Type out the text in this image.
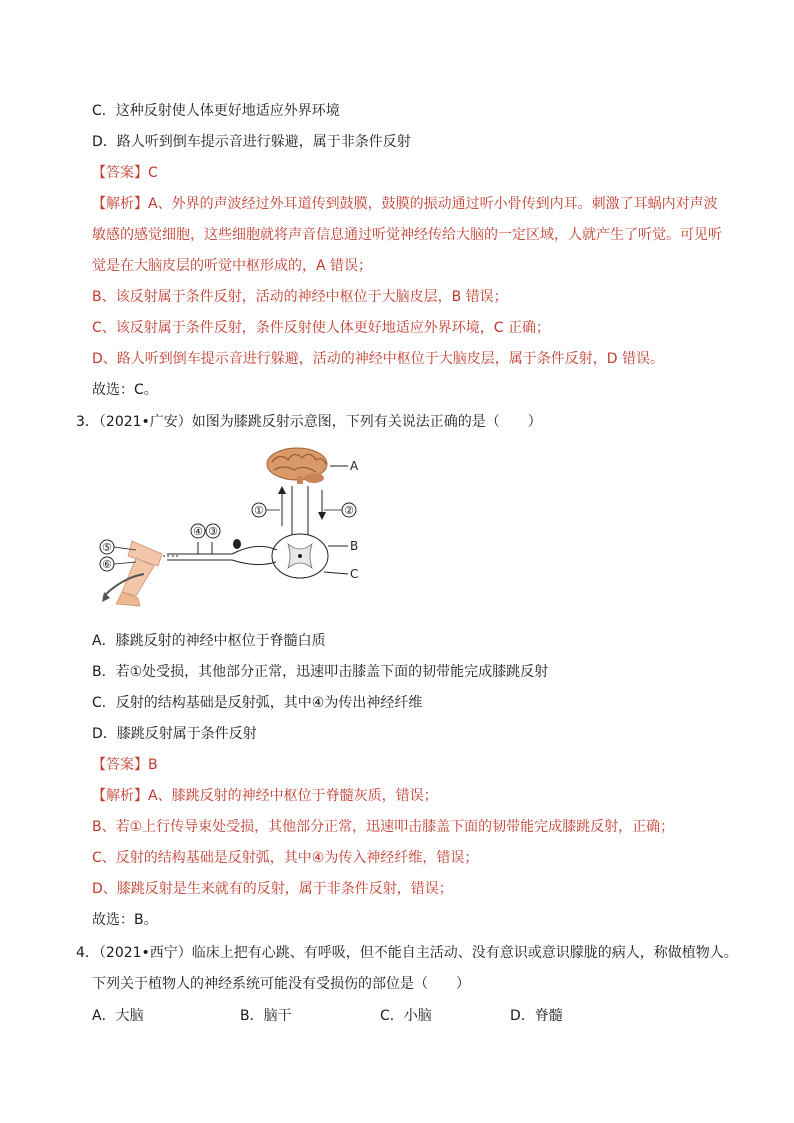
C．这种反射使人体更好地适应外界环境
D．路人听到倒车提示音进行躲避，属于非条件反射
【答案】C
【解析】A、外界的声波经过外耳道传到鼓膜，鼓膜的振动通过听小骨传到内耳。刺激了耳蜗内对声波
敏感的感觉细胞，这些细胞就将声音信息通过听觉神经传给大脑的一定区域，人就产生了听觉。可见听
觉是在大脑皮层的听觉中枢形成的，A 错误；
B、该反射属于条件反射，活动的神经中枢位于大脑皮层，B 错误；
C、该反射属于条件反射，条件反射使人体更好地适应外界环境，C 正确；
D、路人听到倒车提示音进行躲避，活动的神经中枢位于大脑皮层，属于条件反射，D 错误。
故选：C。
3．（2021•广安）如图为膝跳反射示意图，下列有关说法正确的是（　　）
A
①	②
B
C
④ ③
⑤
⑥
A．膝跳反射的神经中枢位于脊髓白质
B．若①处受损，其他部分正常，迅速叩击膝盖下面的韧带能完成膝跳反射
C．反射的结构基础是反射弧，其中④为传出神经纤维
D．膝跳反射属于条件反射
【答案】B
【解析】A、膝跳反射的神经中枢位于脊髓灰质，错误；
B、若①上行传导束处受损，其他部分正常，迅速叩击膝盖下面的韧带能完成膝跳反射，正确；
C、反射的结构基础是反射弧，其中④为传入神经纤维，错误；
D、膝跳反射是生来就有的反射，属于非条件反射，错误；
故选：B。
4．（2021•西宁）临床上把有心跳、有呼吸，但不能自主活动、没有意识或意识朦胧的病人，称做植物人。
下列关于植物人的神经系统可能没有受损伤的部位是（　　）
A．大脑	B．脑干	C．小脑	D．脊髓
